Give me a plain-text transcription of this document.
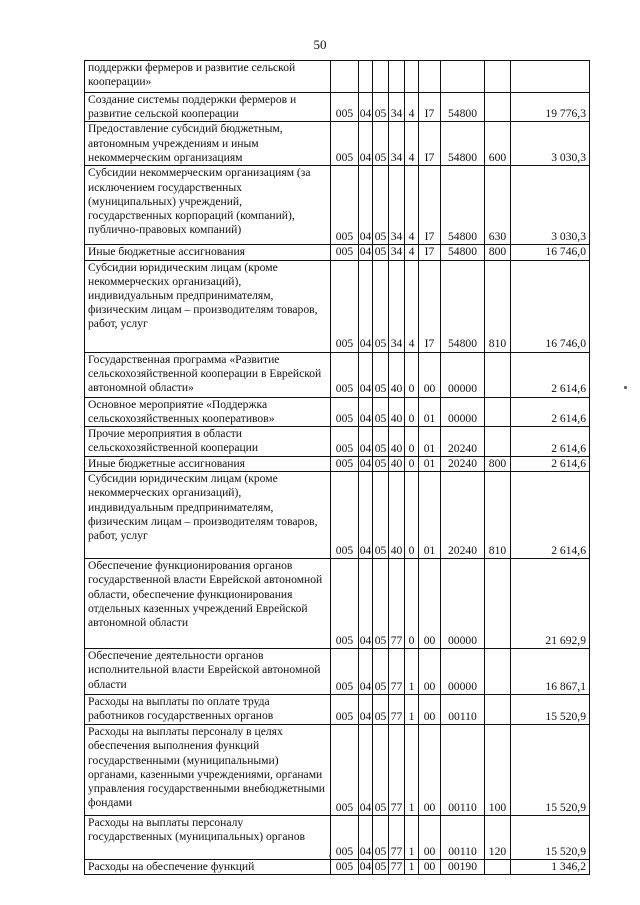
50
поддержки фермеров и развитие сельской кооперации»									
Создание системы поддержки фермеров и развитие сельской кооперации	005	04	05	34	4	I7	54800		19 776,3
Предоставление субсидий бюджетным, автономным учреждениям и иным некоммерческим организациям	005	04	05	34	4	I7	54800	600	3 030,3
Субсидии некоммерческим организациям (за исключением государственных (муниципальных) учреждений, государственных корпораций (компаний), публично-правовых компаний)	005	04	05	34	4	I7	54800	630	3 030,3
Иные бюджетные ассигнования	005	04	05	34	4	I7	54800	800	16 746,0
Субсидии юридическим лицам (кроме некоммерческих организаций), индивидуальным предпринимателям, физическим лицам – производителям товаров, работ, услуг	005	04	05	34	4	I7	54800	810	16 746,0
Государственная программа «Развитие сельскохозяйственной кооперации в Еврейской автономной области»	005	04	05	40	0	00	00000		2 614,6
Основное мероприятие «Поддержка сельскохозяйственных кооперативов»	005	04	05	40	0	01	00000		2 614,6
Прочие мероприятия в области сельскохозяйственной кооперации	005	04	05	40	0	01	20240		2 614,6
Иные бюджетные ассигнования	005	04	05	40	0	01	20240	800	2 614,6
Субсидии юридическим лицам (кроме некоммерческих организаций), индивидуальным предпринимателям, физическим лицам – производителям товаров, работ, услуг	005	04	05	40	0	01	20240	810	2 614,6
Обеспечение функционирования органов государственной власти Еврейской автономной области, обеспечение функционирования отдельных казенных учреждений Еврейской автономной области	005	04	05	77	0	00	00000		21 692,9
Обеспечение деятельности органов исполнительной власти Еврейской автономной области	005	04	05	77	1	00	00000		16 867,1
Расходы на выплаты по оплате труда работников государственных органов	005	04	05	77	1	00	00110		15 520,9
Расходы на выплаты персоналу в целях обеспечения выполнения функций государственными (муниципальными) органами, казенными учреждениями, органами управления государственными внебюджетными фондами	005	04	05	77	1	00	00110	100	15 520,9
Расходы на выплаты персоналу государственных (муниципальных) органов	005	04	05	77	1	00	00110	120	15 520,9
Расходы на обеспечение функций	005	04	05	77	1	00	00190		1 346,2
